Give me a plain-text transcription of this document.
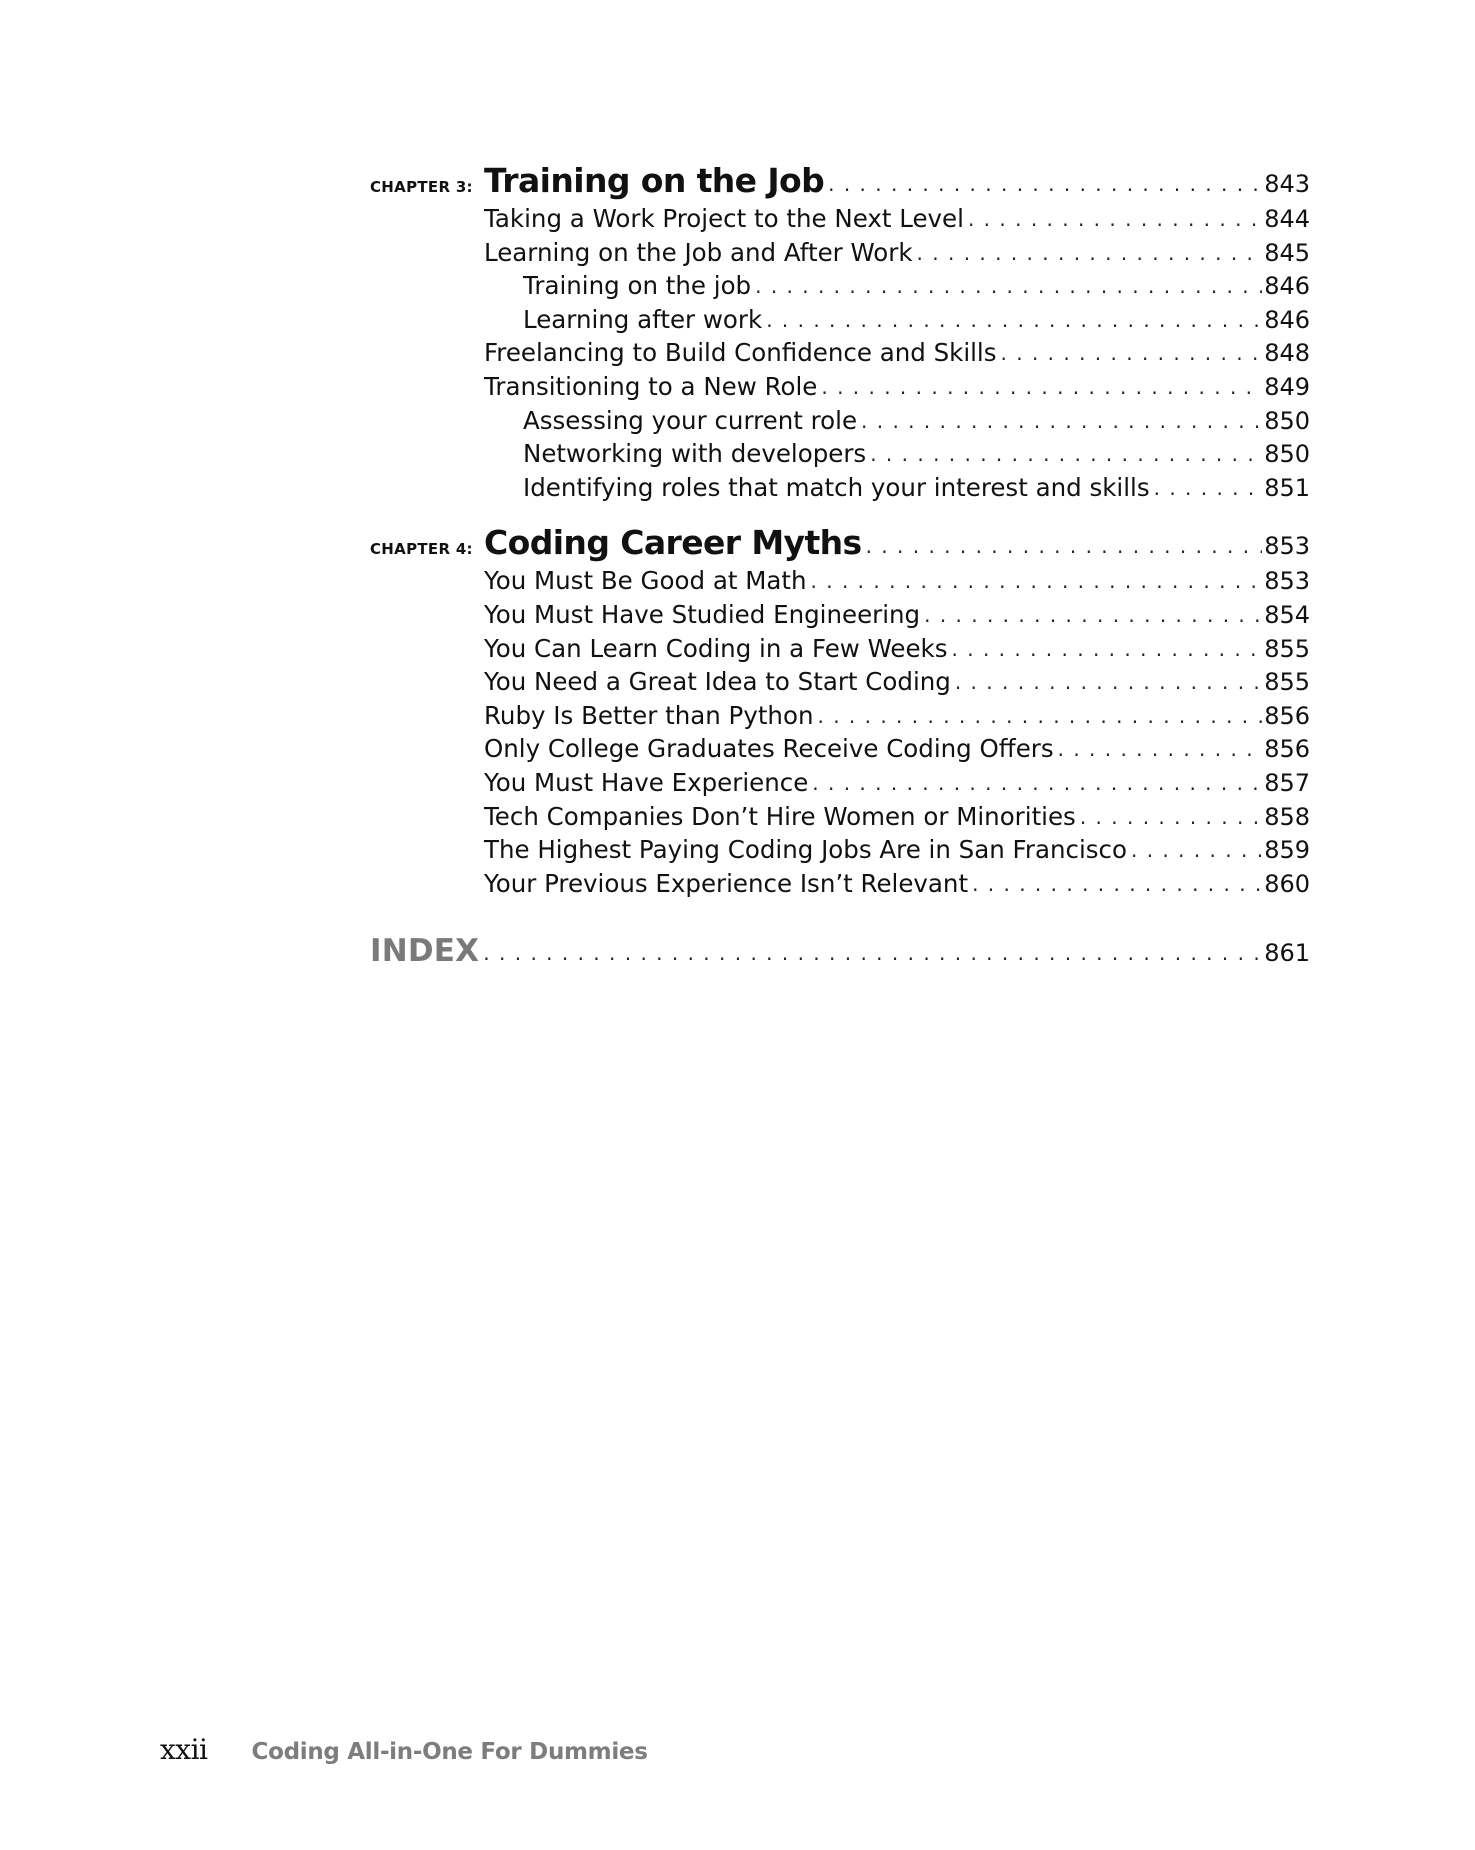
CHAPTER 3: Training on the Job . . .	843
Taking a Work Project to the Next Level . . .	844
Learning on the Job and After Work . . .	845
Training on the job . . .	846
Learning after work . . .	846
Freelancing to Build Confidence and Skills . . .	848
Transitioning to a New Role . . .	849
Assessing your current role . . .	850
Networking with developers . . .	850
Identifying roles that match your interest and skills . . .	851
CHAPTER 4: Coding Career Myths . . .	853
You Must Be Good at Math . . .	853
You Must Have Studied Engineering . . .	854
You Can Learn Coding in a Few Weeks . . .	855
You Need a Great Idea to Start Coding . . .	855
Ruby Is Better than Python . . .	856
Only College Graduates Receive Coding Offers . . .	856
You Must Have Experience . . .	857
Tech Companies Don’t Hire Women or Minorities . . .	858
The Highest Paying Coding Jobs Are in San Francisco . . .	859
Your Previous Experience Isn’t Relevant . . .	860
INDEX . . .	861
xxii Coding All-in-One For Dummies
